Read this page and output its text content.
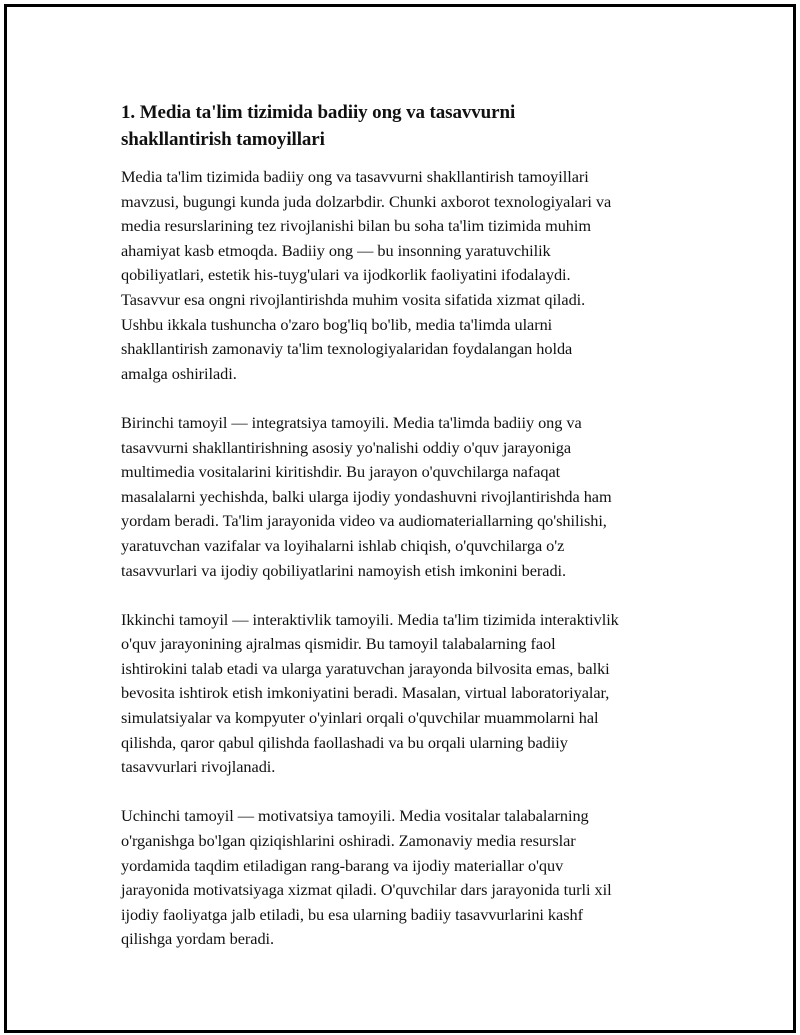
1. Media ta'lim tizimida badiiy ong va tasavvurni
shakllantirish tamoyillari
Media ta'lim tizimida badiiy ong va tasavvurni shakllantirish tamoyillari
mavzusi, bugungi kunda juda dolzarbdir. Chunki axborot texnologiyalari va
media resurslarining tez rivojlanishi bilan bu soha ta'lim tizimida muhim
ahamiyat kasb etmoqda. Badiiy ong — bu insonning yaratuvchilik
qobiliyatlari, estetik his-tuyg'ulari va ijodkorlik faoliyatini ifodalaydi.
Tasavvur esa ongni rivojlantirishda muhim vosita sifatida xizmat qiladi.
Ushbu ikkala tushuncha o'zaro bog'liq bo'lib, media ta'limda ularni
shakllantirish zamonaviy ta'lim texnologiyalaridan foydalangan holda
amalga oshiriladi.
Birinchi tamoyil — integratsiya tamoyili. Media ta'limda badiiy ong va
tasavvurni shakllantirishning asosiy yo'nalishi oddiy o'quv jarayoniga
multimedia vositalarini kiritishdir. Bu jarayon o'quvchilarga nafaqat
masalalarni yechishda, balki ularga ijodiy yondashuvni rivojlantirishda ham
yordam beradi. Ta'lim jarayonida video va audiomateriallarning qo'shilishi,
yaratuvchan vazifalar va loyihalarni ishlab chiqish, o'quvchilarga o'z
tasavvurlari va ijodiy qobiliyatlarini namoyish etish imkonini beradi.
Ikkinchi tamoyil — interaktivlik tamoyili. Media ta'lim tizimida interaktivlik
o'quv jarayonining ajralmas qismidir. Bu tamoyil talabalarning faol
ishtirokini talab etadi va ularga yaratuvchan jarayonda bilvosita emas, balki
bevosita ishtirok etish imkoniyatini beradi. Masalan, virtual laboratoriyalar,
simulatsiyalar va kompyuter o'yinlari orqali o'quvchilar muammolarni hal
qilishda, qaror qabul qilishda faollashadi va bu orqali ularning badiiy
tasavvurlari rivojlanadi.
Uchinchi tamoyil — motivatsiya tamoyili. Media vositalar talabalarning
o'rganishga bo'lgan qiziqishlarini oshiradi. Zamonaviy media resurslar
yordamida taqdim etiladigan rang-barang va ijodiy materiallar o'quv
jarayonida motivatsiyaga xizmat qiladi. O'quvchilar dars jarayonida turli xil
ijodiy faoliyatga jalb etiladi, bu esa ularning badiiy tasavvurlarini kashf
qilishga yordam beradi.
